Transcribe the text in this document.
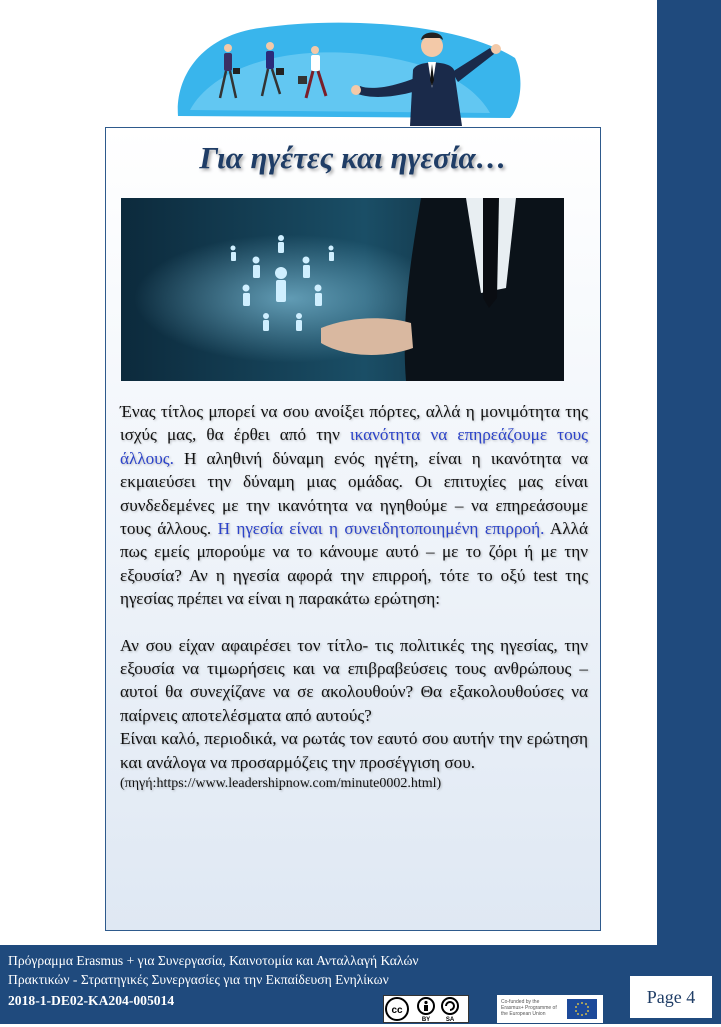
Για ηγέτες και ηγεσία…

Ένας τίτλος μπορεί να σου ανοίξει πόρτες, αλλά η μονιμότητα της ισχύς μας, θα έρθει από την ικανότητα να επηρεάζουμε τους άλλους. Η αληθινή δύναμη ενός ηγέτη, είναι η ικανότητα να εκμαιεύσει την δύναμη μιας ομάδας. Οι επιτυχίες μας είναι συνδεδεμένες με την ικανότητα να ηγηθούμε – να επηρεάσουμε τους άλλους. Η ηγεσία είναι η συνειδητοποιημένη επιρροή. Αλλά πως εμείς μπορούμε να το κάνουμε αυτό – με το ζόρι ή με την εξουσία? Αν η ηγεσία αφορά την επιρροή, τότε το οξύ test της ηγεσίας πρέπει να είναι η παρακάτω ερώτηση:

Αν σου είχαν αφαιρέσει τον τίτλο- τις πολιτικές της ηγεσίας, την εξουσία να τιμωρήσεις και να επιβραβεύσεις τους ανθρώπους –αυτοί θα συνεχίζανε να σε ακολουθούν? Θα εξακολουθούσες να παίρνεις αποτελέσματα από αυτούς?

Είναι καλό, περιοδικά, να ρωτάς τον εαυτό σου αυτήν την ερώτηση και ανάλογα να προσαρμόζεις την προσέγγιση σου.

(πηγή:https://www.leadershipnow.com/minute0002.html)

Πρόγραμμα Erasmus + για Συνεργασία, Καινοτομία και Ανταλλαγή Καλών
Πρακτικών - Στρατηγικές Συνεργασίες για την Εκπαίδευση Ενηλίκων
2018-1-DE02-KA204-005014
cc
BY	SA
Co-funded by the Erasmus+ Programme of the European Union
Page 4
